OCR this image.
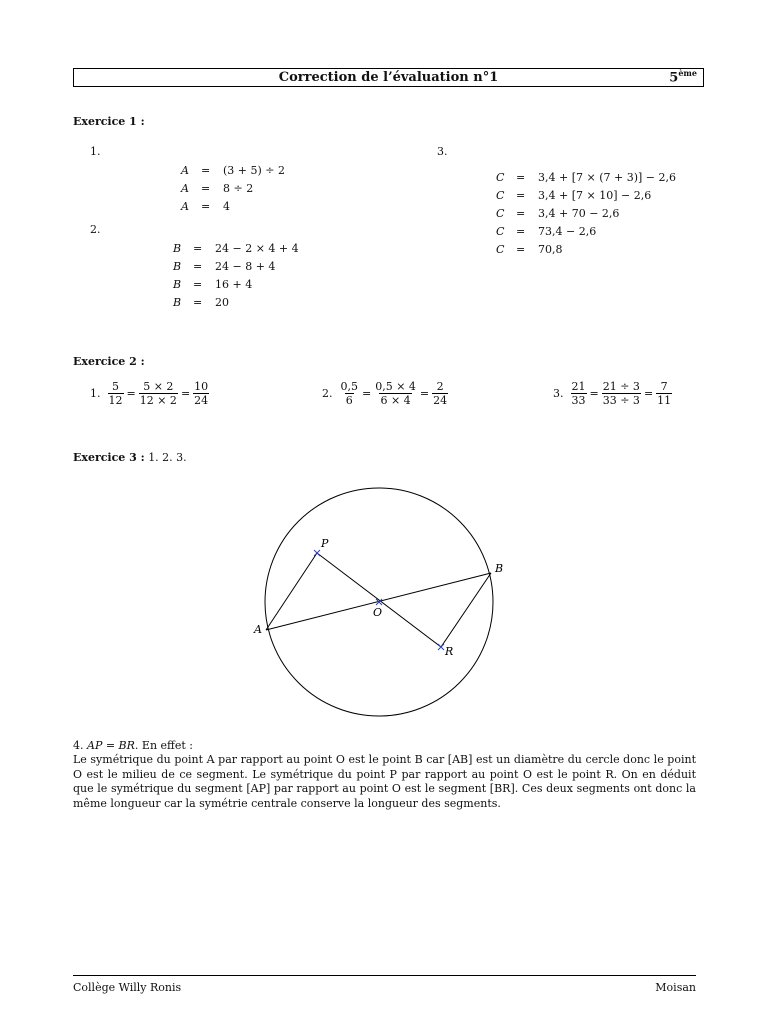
Correction de l’évaluation n°1	5ème
Exercice 1 :
1.
2.
3.
A = (3 + 5) ÷ 2
A = 8 ÷ 2
A = 4
B = 24 − 2 × 4 + 4
B = 24 − 8 + 4
B = 16 + 4
B = 20
C = 3,4 + [7 × (7 + 3)] − 2,6
C = 3,4 + [7 × 10] − 2,6
C = 3,4 + 70 − 2,6
C = 73,4 − 2,6
C = 70,8
Exercice 2 :
1. $\frac{5}{12} = \frac{5 \times 2}{12 \times 2} = \frac{10}{24}$	2. $\frac{0,5}{6} = \frac{0,5 \times 4}{6 \times 4} = \frac{2}{24}$	3. $\frac{21}{33} = \frac{21 \div 3}{33 \div 3} = \frac{7}{11}$
Exercice 3 : 1. 2. 3.
P
B
O
A
R
4. AP = BR. En effet :
Le symétrique du point A par rapport au point O est le point B car [AB] est un diamètre du cercle donc le point O est le milieu de ce segment. Le symétrique du point P par rapport au point O est le point R. On en déduit que le symétrique du segment [AP] par rapport au point O est le segment [BR]. Ces deux segments ont donc la même longueur car la symétrie centrale conserve la longueur des segments.
Collège Willy Ronis	Moisan
